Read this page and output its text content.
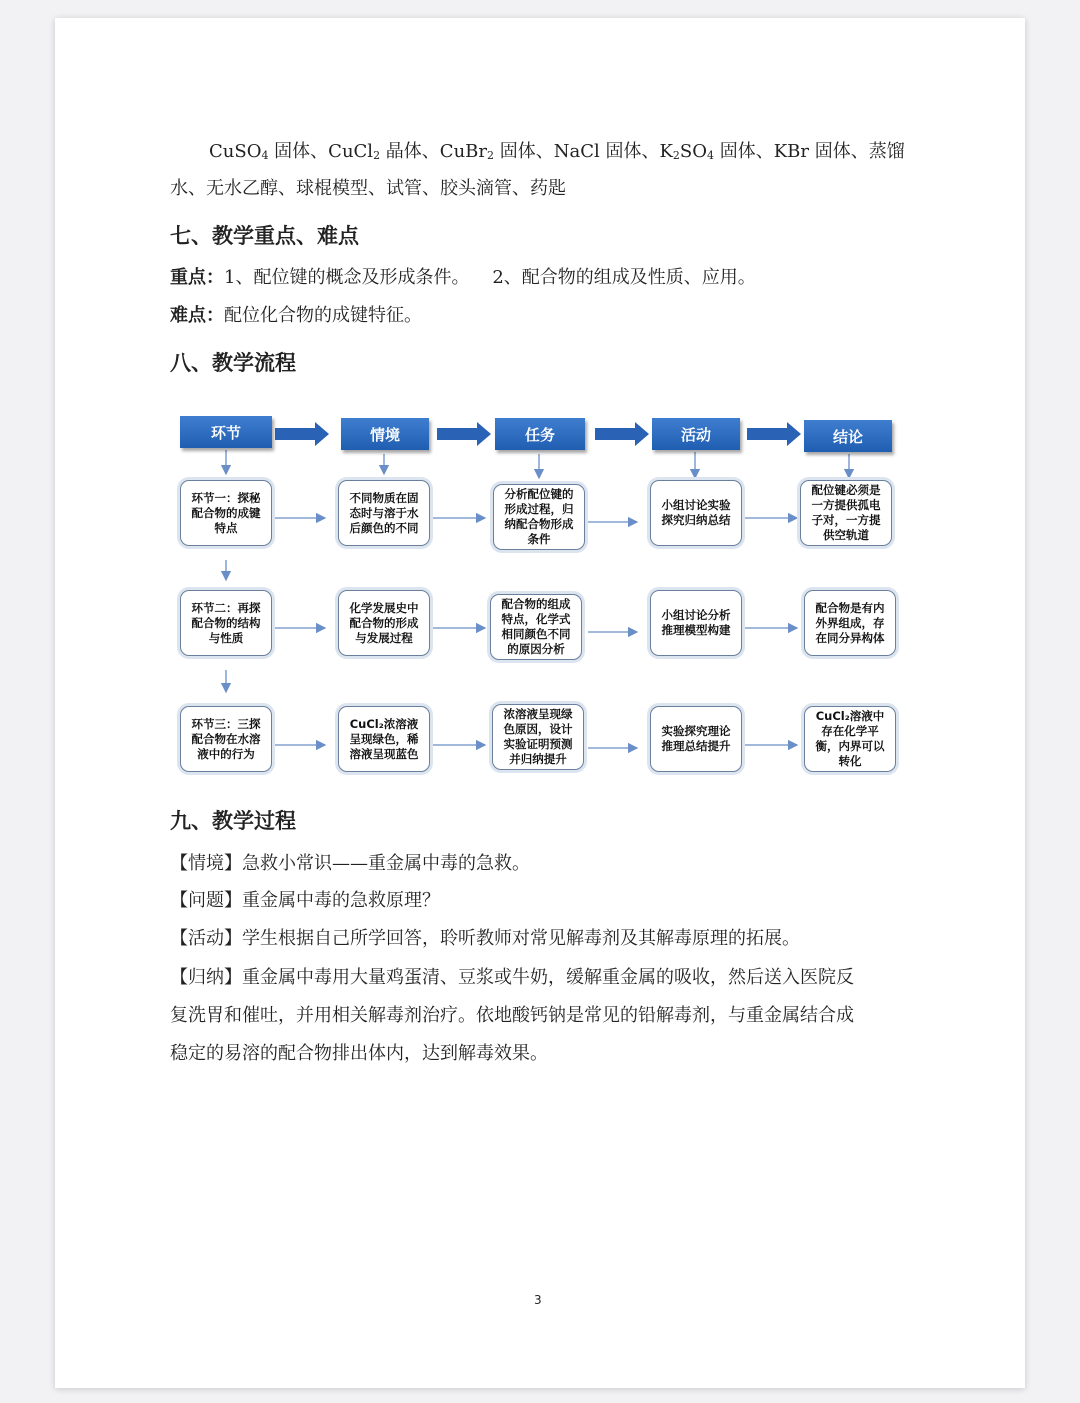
CuSO$_4$ 固体、CuCl$_2$ 晶体、CuBr$_2$ 固体、NaCl 固体、$K_2SO_4$ 固体、KBr 固体、蒸馏
水、无水乙醇、球棍模型、试管、胶头滴管、药匙
七、教学重点、难点
重点：1、配位键的概念及形成条件。    2、配合物的组成及性质、应用。
难点：配位化合物的成键特征。
八、教学流程
环节	情境	任务	活动	结论
环节一：探秘配合物的成键特点
不同物质在固态时与溶于水后颜色的不同
分析配位键的形成过程，归纳配合物形成条件
小组讨论实验探究归纳总结
配位键必须是一方提供孤电子对，一方提供空轨道
环节二：再探配合物的结构与性质
化学发展史中配合物的形成与发展过程
配合物的组成特点，化学式相同颜色不同的原因分析
小组讨论分析推理模型构建
配合物是有内外界组成，存在同分异构体
环节三：三探配合物在水溶液中的行为
CuCl₂浓溶液呈现绿色，稀溶液呈现蓝色
浓溶液呈现绿色原因，设计实验证明预测并归纳提升
实验探究理论推理总结提升
CuCl₂溶液中存在化学平衡，内界可以转化
九、教学过程
【情境】急救小常识——重金属中毒的急救。
【问题】重金属中毒的急救原理？
【活动】学生根据自己所学回答，聆听教师对常见解毒剂及其解毒原理的拓展。
【归纳】重金属中毒用大量鸡蛋清、豆浆或牛奶，缓解重金属的吸收，然后送入医院反
复洗胃和催吐，并用相关解毒剂治疗。依地酸钙钠是常见的铅解毒剂，与重金属结合成
稳定的易溶的配合物排出体内，达到解毒效果。
3
